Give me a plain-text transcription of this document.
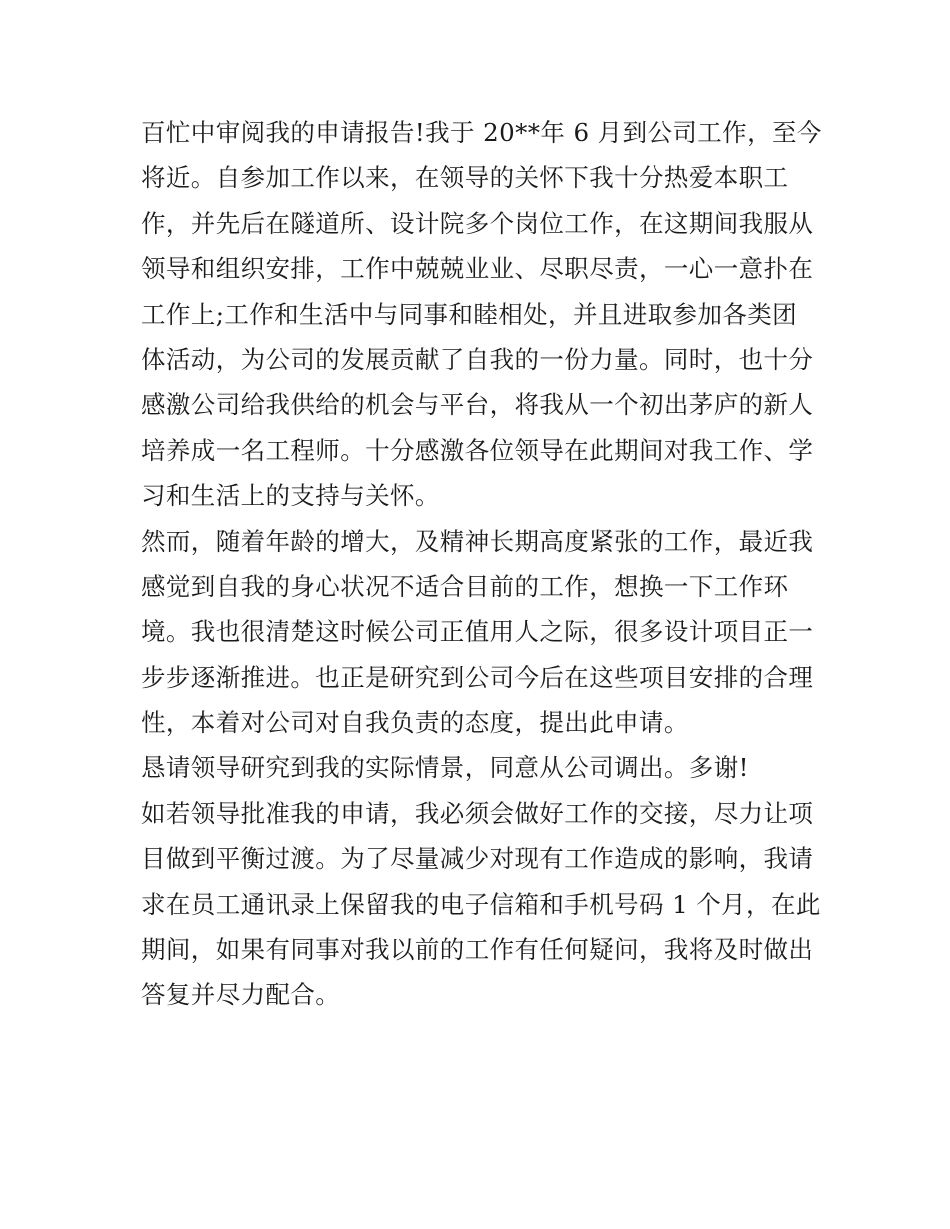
百忙中审阅我的申请报告!我于 20**年 6 月到公司工作，至今
将近。自参加工作以来，在领导的关怀下我十分热爱本职工
作，并先后在隧道所、设计院多个岗位工作，在这期间我服从
领导和组织安排，工作中兢兢业业、尽职尽责，一心一意扑在
工作上;工作和生活中与同事和睦相处，并且进取参加各类团
体活动，为公司的发展贡献了自我的一份力量。同时，也十分
感激公司给我供给的机会与平台，将我从一个初出茅庐的新人
培养成一名工程师。十分感激各位领导在此期间对我工作、学
习和生活上的支持与关怀。
然而，随着年龄的增大，及精神长期高度紧张的工作，最近我
感觉到自我的身心状况不适合目前的工作，想换一下工作环
境。我也很清楚这时候公司正值用人之际，很多设计项目正一
步步逐渐推进。也正是研究到公司今后在这些项目安排的合理
性，本着对公司对自我负责的态度，提出此申请。
恳请领导研究到我的实际情景，同意从公司调出。多谢!
如若领导批准我的申请，我必须会做好工作的交接，尽力让项
目做到平衡过渡。为了尽量减少对现有工作造成的影响，我请
求在员工通讯录上保留我的电子信箱和手机号码 1 个月，在此
期间，如果有同事对我以前的工作有任何疑问，我将及时做出
答复并尽力配合。
